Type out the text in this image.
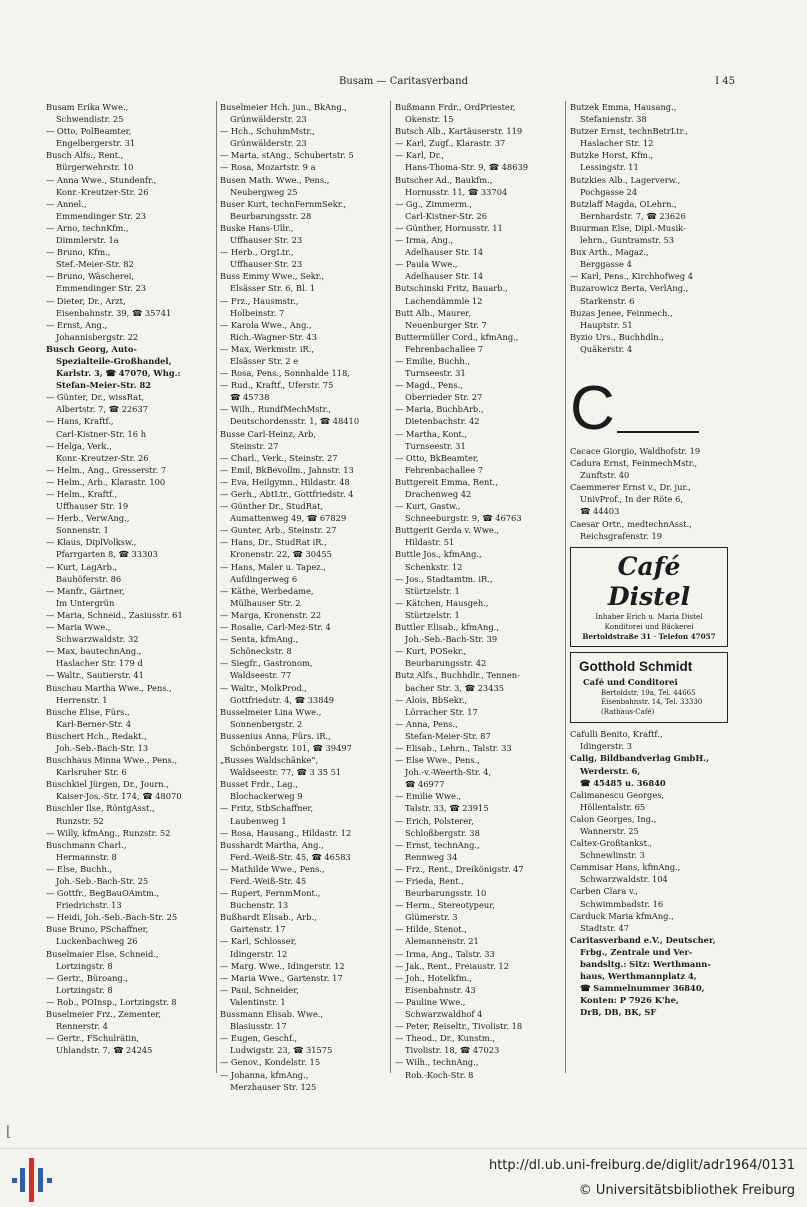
Busam — Caritasverband	I 45
Busam Erika Wwe.,
Schwendistr. 25
— Otto, PolBeamter,
Engelbergerstr. 31
Busch Alfs., Rent.,
Bürgerwehrstr. 10
— Anna Wwe., Stundenfr.,
Konr.-Kreutzer-Str. 26
— Annel.,
Emmendinger Str. 23
— Arno, technKfm.,
Dimmlerstr. 1a
— Bruno, Kfm.,
Stef.-Meier-Str. 82
— Bruno, Wäscherei,
Emmendinger Str. 23
— Dieter, Dr., Arzt,
Eisenbahnstr. 39, ☎ 35741
— Ernst, Ang.,
Johannisbergstr. 22
Busch Georg, Auto-
Spezialteile-Großhandel,
Karlstr. 3, ☎ 47070, Whg.:
Stefan-Meier-Str. 82
— Günter, Dr., wissRat,
Albertstr. 7, ☎ 22637
— Hans, Kraftf.,
Carl-Kistner-Str. 16 h
— Helga, Verk.,
Konr.-Kreutzer-Str. 26
— Helm., Ang., Gresserstr. 7
— Helm., Arb., Klarastr. 100
— Helm., Kraftf.,
Uffhauser Str. 19
— Herb., VerwAng.,
Sonnenstr. 1
— Klaus, DiplVolksw.,
Pfarrgarten 8, ☎ 33303
— Kurt, LagArb.,
Bauhöferstr. 86
— Manfr., Gärtner,
Im Untergrün
— Maria, Schneid., Zasiusstr. 61
— Maria Wwe.,
Schwarzwaldstr. 32
— Max, bautechnAng.,
Haslacher Str. 179 d
— Waltr., Sautierstr. 41
Buschau Martha Wwe., Pens.,
Herrenstr. 1
Busche Elise, Fürs.,
Karl-Berner-Str. 4
Buschert Hch., Redakt.,
Joh.-Seb.-Bach-Str. 13
Buschhaus Minna Wwe., Pens.,
Karlsruher Str. 6
Buschkiel Jürgen, Dr., Journ.,
Kaiser-Jos.-Str. 174, ☎ 48070
Buschler Ilse, RöntgAsst.,
Runzstr. 52
— Willy, kfmAng., Runzstr. 52
Buschmann Charl.,
Hermannstr. 8
— Else, Buchh.,
Joh.-Seb.-Bach-Str. 25
— Gottfr., BegBauOAmtm.,
Friedrichstr. 13
— Heidi, Joh.-Seb.-Bach-Str. 25
Buse Bruno, PSchaffner,
Luckenbachweg 26
Buselmaier Else, Schneid.,
Lortzingstr. 8
— Gertr., Büroang.,
Lortzingstr. 8
— Rob., POInsp., Lortzingstr. 8
Buselmeier Frz., Zementer,
Rennerstr. 4
— Gertr., FSchulrätin,
Uhlandstr. 7, ☎ 24245
Buselmeier Hch. jun., BkAng.,
Grünwälderstr. 23
— Hch., SchuhmMstr.,
Grünwälderstr. 23
— Marta, stAng., Schubertstr. 5
— Rosa, Mozartstr. 9 a
Busen Math. Wwe., Pens.,
Neubergweg 25
Buser Kurt, technFernmSekr.,
Beurbarungsstr. 28
Buske Hans-Ullr.,
Uffhauser Str. 23
— Herb., OrgLtr.,
Uffhauser Str. 23
Buss Emmy Wwe., Sekr.,
Elsässer Str. 6, Bl. 1
— Frz., Hausmstr.,
Holbeinstr. 7
— Karola Wwe., Ang.,
Rich.-Wagner-Str. 43
— Max, Werkmstr. iR.,
Elsässer Str. 2 e
— Rosa, Pens., Sonnhalde 118,
— Rud., Kraftf., Uferstr. 75
☎ 45738
— Wilh., RundfMechMstr.,
Deutschordensstr. 1, ☎ 48410
Busse Carl-Heinz, Arb,
Steinstr. 27
— Charl., Verk., Steinstr. 27
— Emil, BkBevollm., Jahnstr. 13
— Eva, Heilgymn., Hildastr. 48
— Gerh., AbtLtr., Gottfriedstr. 4
— Günther Dr., StudRat,
Aumattenweg 49, ☎ 67829
— Gunter, Arb., Steinstr. 27
— Hans, Dr., StudRat iR.,
Kronenstr. 22, ☎ 30455
— Hans, Maler u. Tapez.,
Aufdingerweg 6
— Käthe, Werbedame,
Mülhauser Str. 2
— Marga, Kronenstr. 22
— Rosalie, Carl-Mez-Str. 4
— Senta, kfmAng.,
Schöneckstr. 8
— Siegfr., Gastronom,
Waldseestr. 77
— Waltr., MolkProd.,
Gottfriedstr. 4, ☎ 33849
Busselmeier Lina Wwe.,
Sonnenbergstr. 2
Bussenius Anna, Fürs. iR.,
Schönbergstr. 101, ☎ 39497
„Busses Waldschänke“,
Waldseestr. 77, ☎ 3 35 51
Busset Frdr., Lag.,
Blochackerweg 9
— Fritz, StbSchaffner,
Laubenweg 1
— Rosa, Hausang., Hildastr. 12
Busshardt Martha, Ang.,
Ferd.-Weiß-Str. 45, ☎ 46583
— Mathilde Wwe., Pens.,
Ferd.-Weiß-Str. 45
— Rupert, FernmMont.,
Buchenstr. 13
Bußhardt Elisab., Arb.,
Gartenstr. 17
— Karl, Schlosser,
Idingerstr. 12
— Marg. Wwe., Idingerstr. 12
— Maria Wwe., Gartenstr. 17
— Paul, Schneider,
Valentinstr. 1
Bussmann Elisab. Wwe.,
Blasiusstr. 17
— Eugen, Geschf.,
Ludwigstr. 23, ☎ 31575
— Genov., Kondelstr. 15
— Johanna, kfmAng.,
Merzhauser Str. 125
Bußmann Frdr., OrdPriester,
Okenstr. 15
Butsch Alb., Kartäuserstr. 119
— Karl, Zugf., Klarastr. 37
— Karl, Dr.,
Hans-Thoma-Str. 9, ☎ 48639
Butscher Ad., Baukfm.,
Hornusstr. 11, ☎ 33704
— Gg., Zimmerm.,
Carl-Kistner-Str. 26
— Günther, Hornusstr. 11
— Irma, Ang.,
Adelhauser Str. 14
— Paula Wwe.,
Adelhauser Str. 14
Butschinski Fritz, Bauarb.,
Lachendämmle 12
Butt Alb., Maurer,
Neuenburger Str. 7
Buttermüller Cord., kfmAng.,
Fehrenbachallee 7
— Emilie, Buchh.,
Turnseestr. 31
— Magd., Pens.,
Oberrieder Str. 27
— Maria, BuchbArb.,
Dietenbachstr. 42
— Martha, Kont.,
Turnseestr. 31
— Otto, BkBeamter,
Fehrenbachallee 7
Buttgereit Emma, Rent.,
Drachenweg 42
— Kurt, Gastw.,
Schneeburgstr. 9, ☎ 46763
Buttgerit Gerda v. Wwe.,
Hildastr. 51
Buttle Jos., kfmAng.,
Schenkstr. 12
— Jos., Stadtamtm. iR.,
Stürtzelstr. 1
— Kätchen, Hausgeh.,
Stürtzelstr. 1
Buttler Elisab., kfmAng.,
Joh.-Seb.-Bach-Str. 39
— Kurt, POSekr.,
Beurbarungsstr. 42
Butz Alfs., Buchhdlr., Tennen-
bacher Str. 3, ☎ 23435
— Alois, BbSekr.,
Lörracher Str. 17
— Anna, Pens.,
Stefan-Meier-Str. 87
— Elisab., Lehrn., Talstr. 33
— Else Wwe., Pens.,
Joh.-v.-Weerth-Str. 4,
☎ 46977
— Emilie Wwe.,
Talstr. 33, ☎ 23915
— Erich, Polsterer,
Schloßbergstr. 38
— Ernst, technAng.,
Rennweg 34
— Frz., Rent., Dreikönigstr. 47
— Frieda, Rent.,
Beurbarungsstr. 10
— Herm., Stereotypeur,
Glümerstr. 3
— Hilde, Stenot.,
Alemannenstr. 21
— Irma, Ang., Talstr. 33
— Jak., Rent., Freiaustr. 12
— Joh., Hotelkfm.,
Eisenbahnstr. 43
— Pauline Wwe.,
Schwarzwaldhof 4
— Peter, Reiseltr., Tivolistr. 18
— Theod., Dr., Kunstm.,
Tivolistr. 18, ☎ 47023
— Wilh., technAng.,
Rob.-Koch-Str. 8
Butzek Emma, Hausang.,
Stefanienstr. 38
Butzer Ernst, technBetrLtr.,
Haslacher Str. 12
Butzke Horst, Kfm.,
Lessingstr. 11
Butzkies Alb., Lagerverw.,
Pochgasse 24
Butzlaff Magda, OLehrn.,
Bernhardstr. 7, ☎ 23626
Buurman Else, Dipl.-Musik-
lehrn., Guntramstr. 53
Bux Arth., Magaz.,
Berggasse 4
— Karl, Pens., Kirchhofweg 4
Buzarowicz Berta, VerlAng.,
Starkenstr. 6
Buzas Jenee, Feinmech.,
Hauptstr. 51
Byzio Urs., Buchhdln.,
Quäkerstr. 4
C
Cacace Giorgio, Waldhofstr. 19
Cadura Ernst, FeinmechMstr.,
Zunftstr. 40
Caemmerer Ernst v., Dr. jur.,
UnivProf., In der Röte 6,
☎ 44403
Caesar Ortr., medtechnAsst.,
Reichsgrafenstr. 19
Café Distel
Inhaber Erich u. Maria Distel
Konditorei und Bäckerei
Bertoldstraße 31 · Telefon 47057
Gotthold Schmidt
Café und Conditorei
Bertoldstr. 19a, Tel. 44665
Eisenbahnstr. 14, Tel. 33330
(Rathaus-Café)
Cafulli Benito, Kraftf.,
Idingerstr. 3
Calig, Bildbandverlag GmbH.,
Werderstr. 6,
☎ 45485 u. 36840
Calimanescu Georges,
Höllentalstr. 65
Calon Georges, Ing.,
Wannerstr. 25
Caltex-Großtankst.,
Schnewlinstr. 3
Cammisar Hans, kfmAng.,
Schwarzwaldstr. 104
Carben Clara v.,
Schwimmbadstr. 16
Carduck Maria kfmAng.,
Stadtstr. 47
Caritasverband e.V., Deutscher,
Frbg., Zentrale und Ver-
bandsltg.: Sitz: Werthmann-
haus, Werthmannplatz 4,
☎ Sammelnummer 36840,
Konten: P 7926 K'he,
DrB, DB, BK, SF
⌊
http://dl.ub.uni-freiburg.de/diglit/adr1964/0131
© Universitätsbibliothek Freiburg
